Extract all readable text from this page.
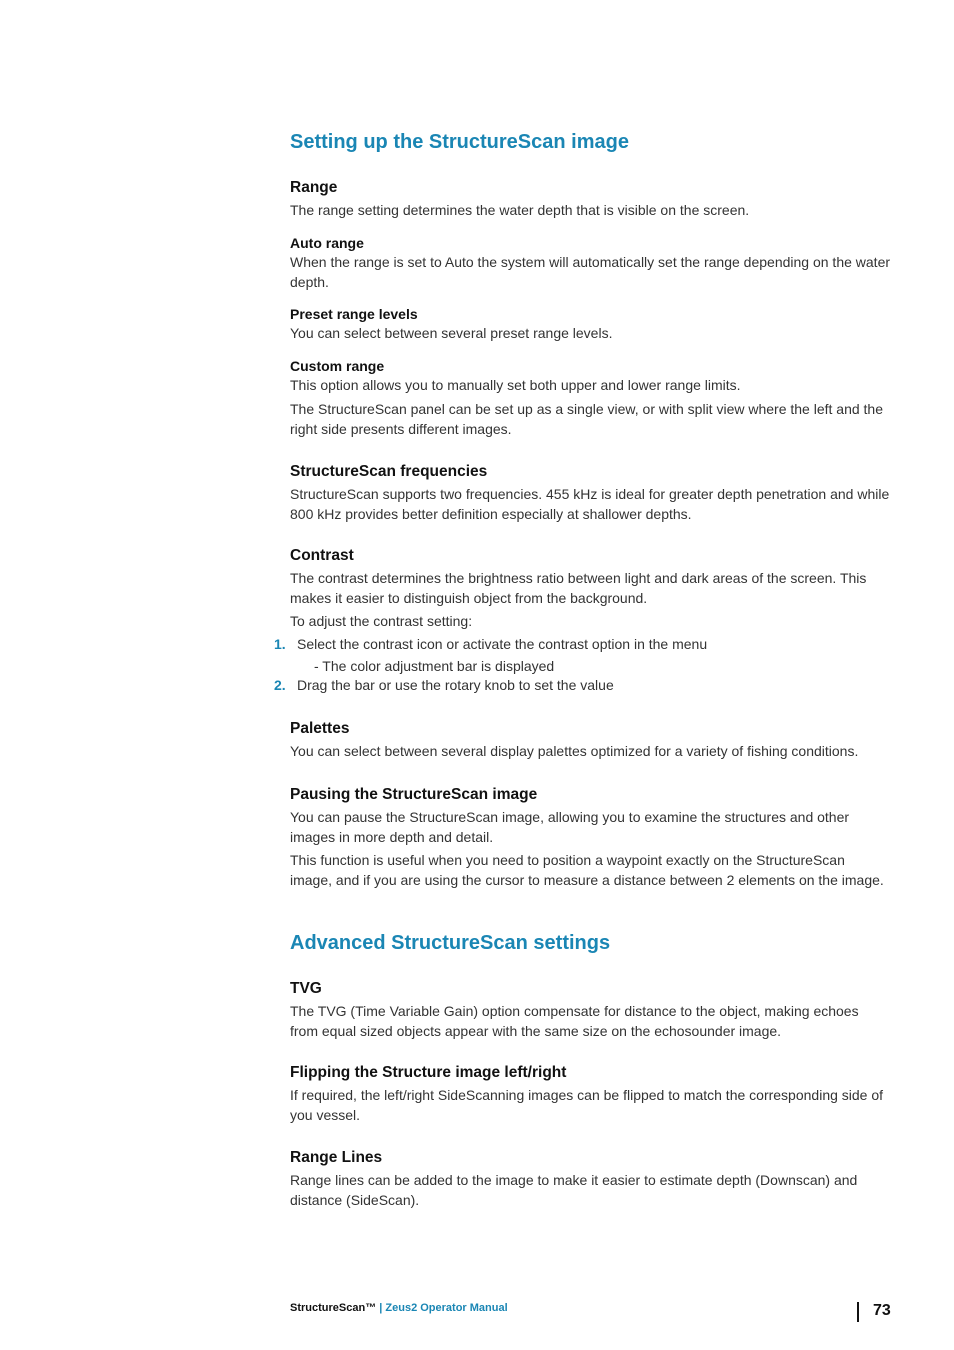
Setting up the StructureScan image
Range

The range setting determines the water depth that is visible on the screen.

Auto range

When the range is set to Auto the system will automatically set the range depending on the water depth.

Preset range levels

You can select between several preset range levels.

Custom range

This option allows you to manually set both upper and lower range limits.

The StructureScan panel can be set up as a single view, or with split view where the left and the right side presents different images.

StructureScan frequencies

StructureScan supports two frequencies. 455 kHz is ideal for greater depth penetration and while 800 kHz provides better definition especially at shallower depths.

Contrast

The contrast determines the brightness ratio between light and dark areas of the screen. This makes it easier to distinguish object from the background.

To adjust the contrast setting:

1. Select the contrast icon or activate the contrast option in the menu
- The color adjustment bar is displayed
2. Drag the bar or use the rotary knob to set the value
Palettes

You can select between several display palettes optimized for a variety of fishing conditions.

Pausing the StructureScan image

You can pause the StructureScan image, allowing you to examine the structures and other images in more depth and detail.

This function is useful when you need to position a waypoint exactly on the StructureScan image, and if you are using the cursor to measure a distance between 2 elements on the image.

Advanced StructureScan settings
TVG

The TVG (Time Variable Gain) option compensate for distance to the object, making echoes from equal sized objects appear with the same size on the echosounder image.

Flipping the Structure image left/right

If required, the left/right SideScanning images can be flipped to match the corresponding side of you vessel.

Range Lines

Range lines can be added to the image to make it easier to estimate depth (Downscan) and distance (SideScan).

StructureScan™ | Zeus2 Operator Manual	73
